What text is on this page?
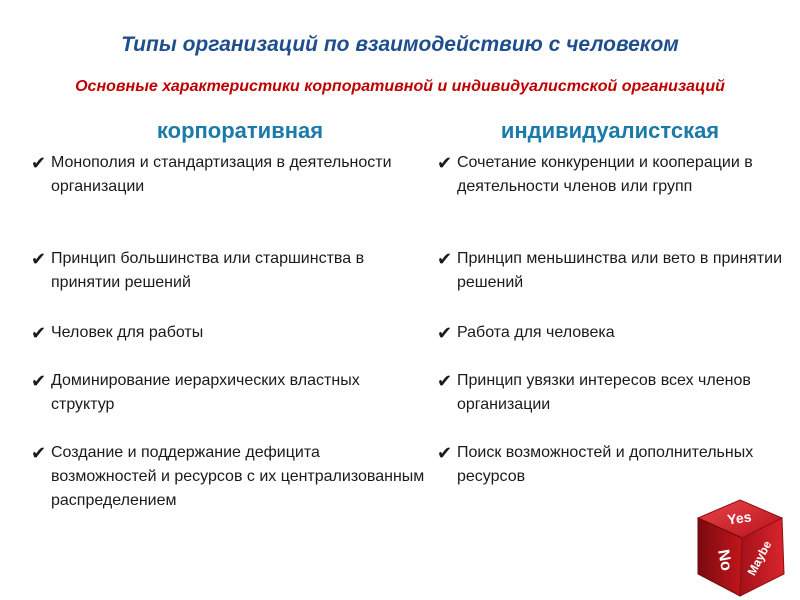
Типы организаций по взаимодействию с человеком
Основные характеристики корпоративной и индивидуалистской организаций
корпоративная	индивидуалистская
✔ Монополия и стандартизация в деятельности организации
✔ Принцип большинства или старшинства в принятии решений
✔ Человек для работы
✔ Доминирование иерархических властных структур
✔ Создание и поддержание дефицита возможностей и ресурсов с их централизованным распределением
✔ Сочетание конкуренции и кооперации в деятельности членов или групп
✔ Принцип меньшинства или вето в принятии решений
✔ Работа для человека
✔ Принцип увязки интересов всех членов организации
✔ Поиск возможностей и дополнительных ресурсов
Yes
No Maybe
